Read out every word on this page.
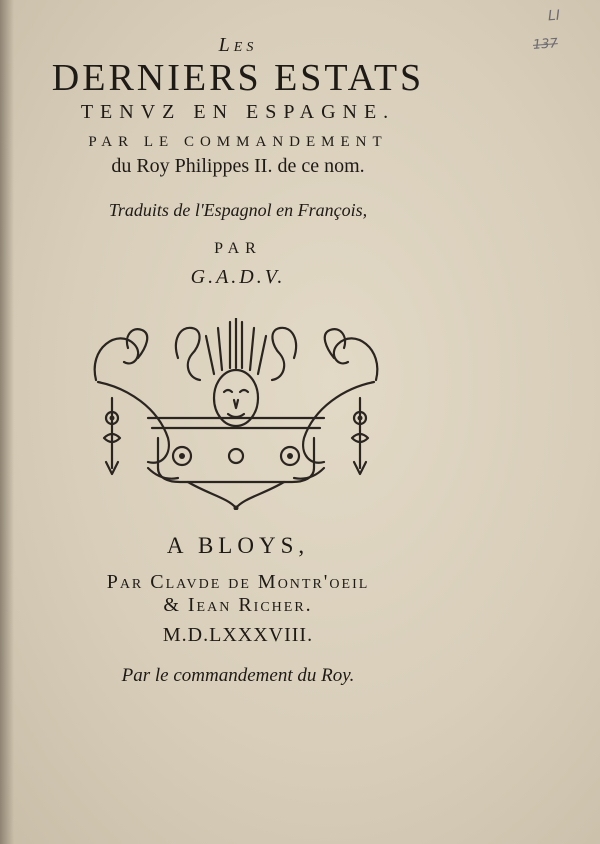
LI
137
Les
DERNIERS ESTATS
TENVZ EN ESPAGNE.
PAR LE COMMANDEMENT
du Roy Philippes II. de ce nom.
Traduits de l'Espagnol en François,
PAR
G.A.D.V.
A BLOYS,
Par Clavde de Montr'oeil
& Iean Richer.
M.D.LXXXVIII.
Par le commandement du Roy.
